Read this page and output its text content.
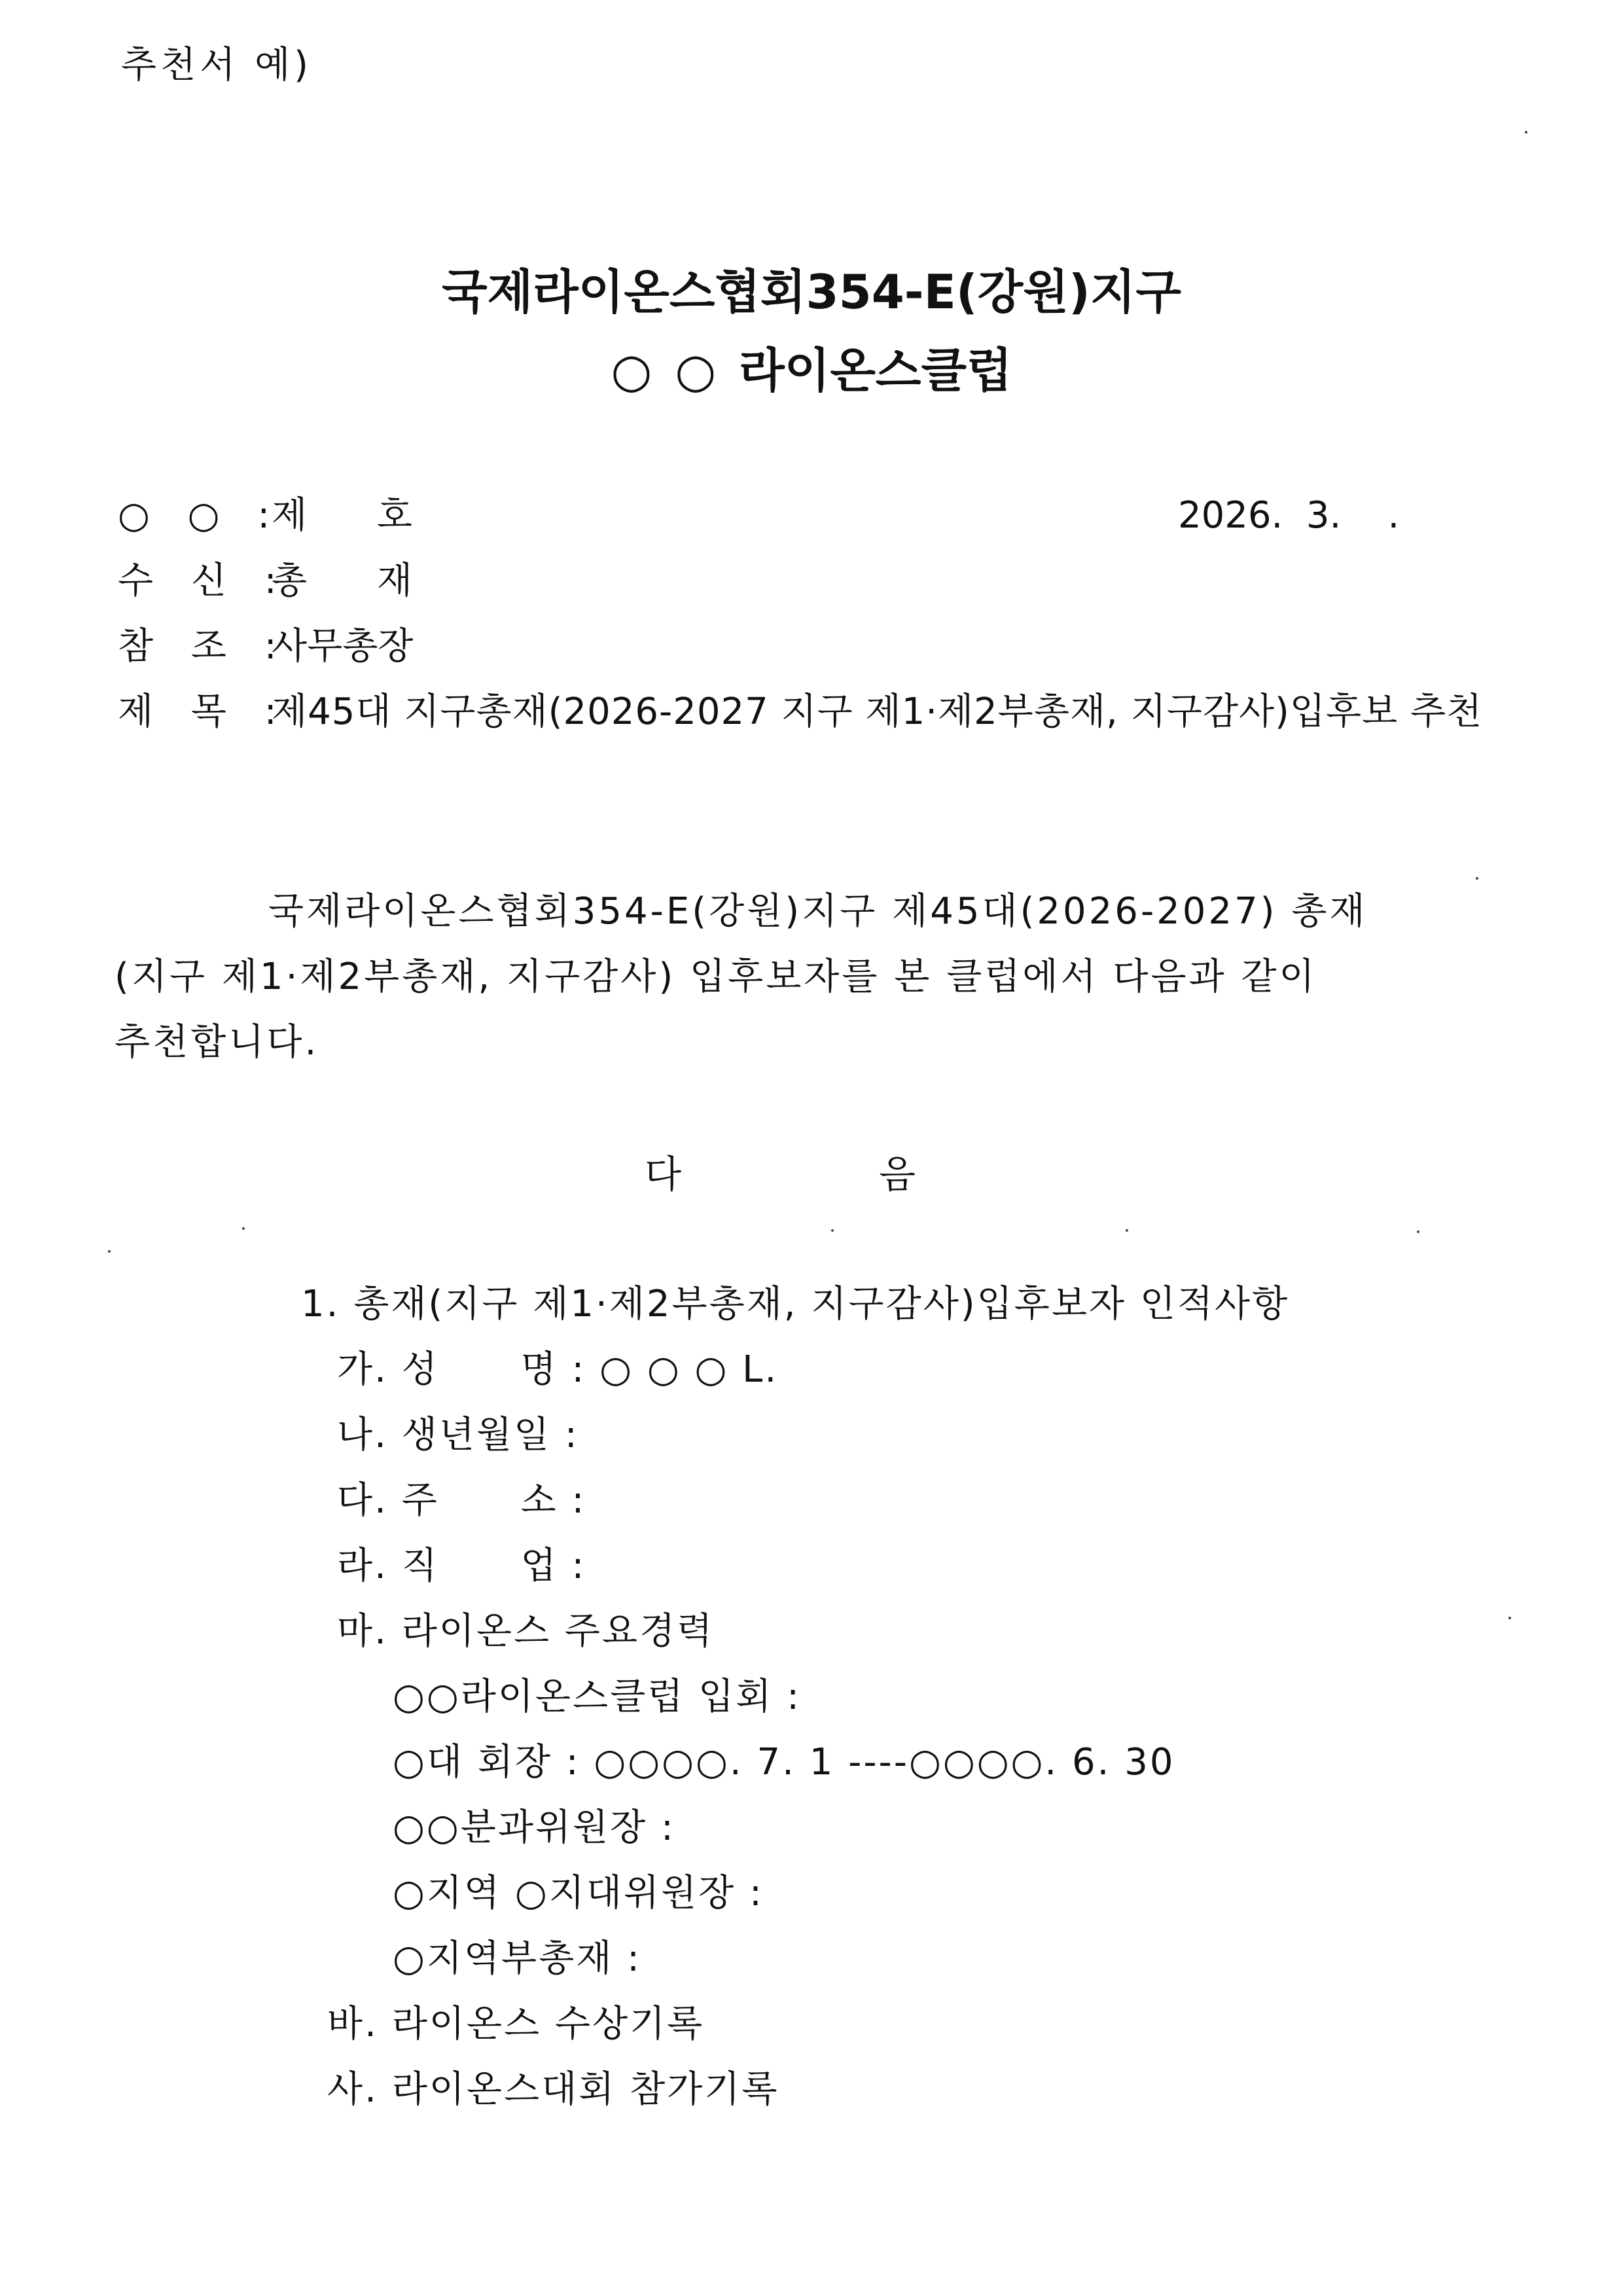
추천서 예)
국제라이온스협회354-E(강원)지구
○ ○ 라이온스클럽
○ ○ :
제      호	2026.  3.    .
수 신 :
총      재
참 조 :
사무총장
제 목 :
제45대 지구총재(2026-2027 지구 제1·제2부총재, 지구감사)입후보 추천
국제라이온스협회354-E(강원)지구 제45대(2026-2027) 총재
(지구 제1·제2부총재, 지구감사) 입후보자를 본 클럽에서 다음과 같이
추천합니다.
다	음
1. 총재(지구 제1·제2부총재, 지구감사)입후보자 인적사항
가. 성      명 : ○ ○ ○ L.
나. 생년월일 :
다. 주      소 :
라. 직      업 :
마. 라이온스 주요경력
○○라이온스클럽 입회 :
○대 회장 : ○○○○. 7. 1 ----○○○○. 6. 30
○○분과위원장 :
○지역 ○지대위원장 :
○지역부총재 :
바. 라이온스 수상기록
사. 라이온스대회 참가기록
